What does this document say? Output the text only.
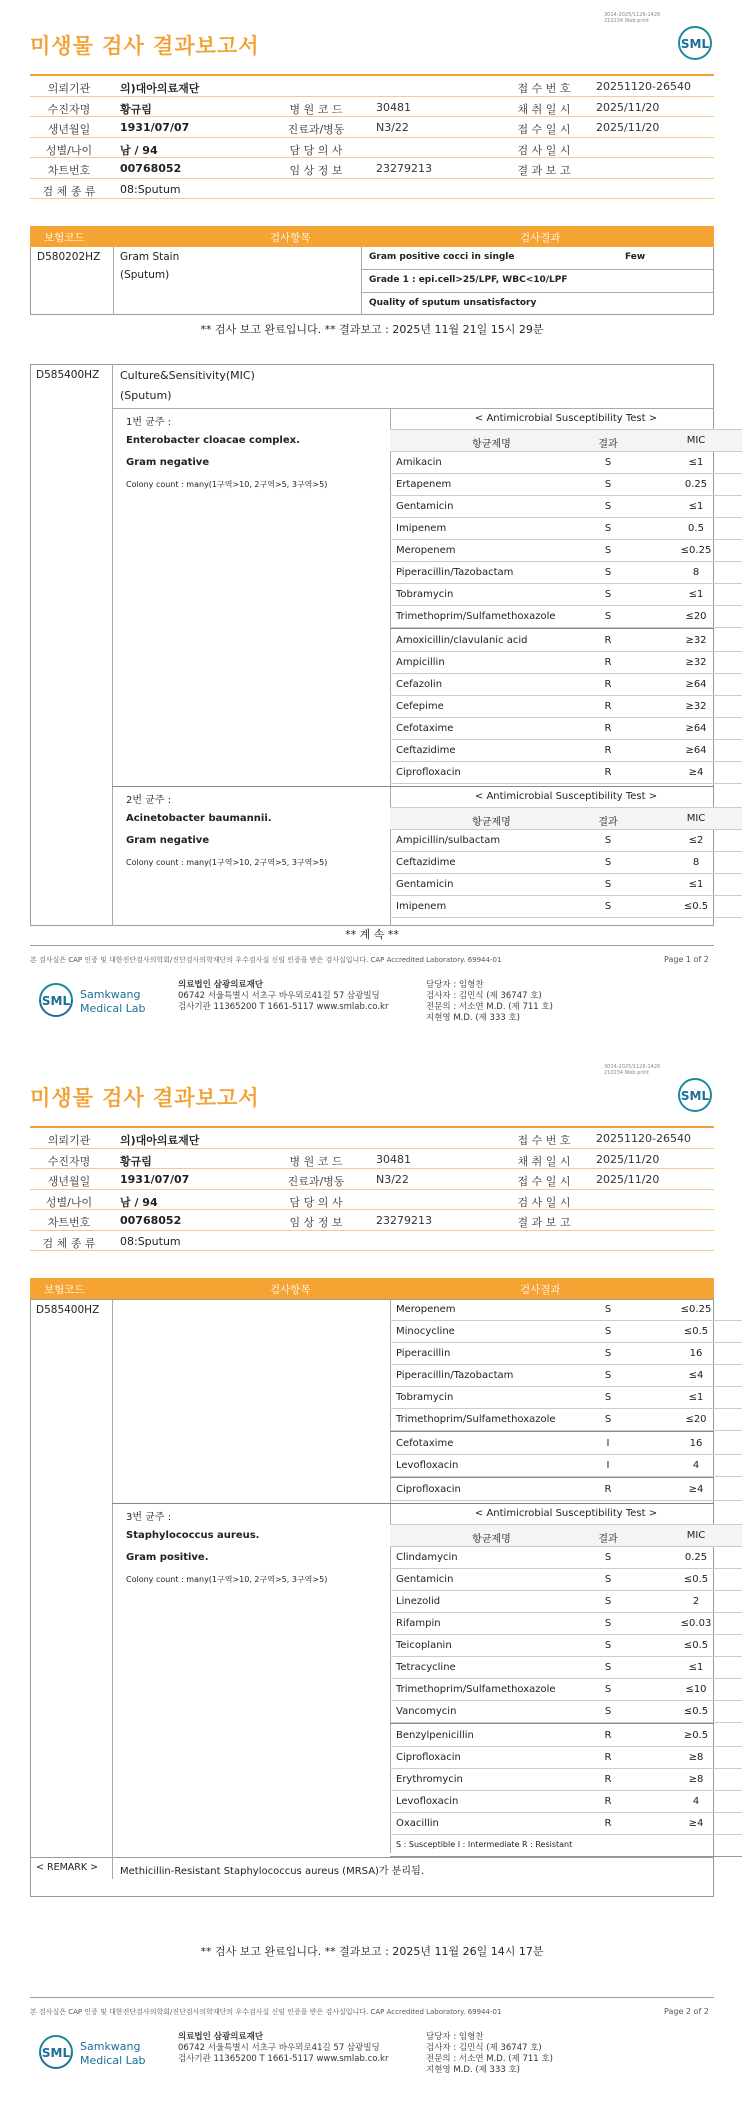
3014-2025/1126-1426
210234 Web print
미생물 검사 결과보고서	SML
의뢰기관	의)대아의료재단	접 수 번 호	20251120-26540
수진자명	황규림	병 원 코 드	30481	채 취 일 시	2025/11/20
생년월일	1931/07/07	진료과/병동	N3/22	접 수 일 시	2025/11/20
성별/나이	남 / 94	담 당 의 사	검 사 일 시
차트번호	00768052	임 상 정 보	23279213	결 과 보 고
검 체 종 류	08:Sputum
보험코드	검사항목	검사결과
D580202HZ Gram Stain
(Sputum)
Gram positive cocci in single	Few
Grade 1 : epi.cell>25/LPF, WBC<10/LPF
Quality of sputum unsatisfactory
** 검사 보고 완료입니다. ** 결과보고 : 2025년 11월 21일 15시 29분
D585400HZ Culture&Sensitivity(MIC)
(Sputum)
1번 균주 :
Enterobacter cloacae complex.
Gram negative
Colony count : many(1구역>10, 2구역>5, 3구역>5)
< Antimicrobial Susceptibility Test >
항균제명	결과	MIC
Amikacin	S	≤1
Ertapenem	S	0.25
Gentamicin	S	≤1
Imipenem	S	0.5
Meropenem	S	≤0.25
Piperacillin/Tazobactam	S	8
Tobramycin	S	≤1
Trimethoprim/Sulfamethoxazole	S	≤20
Amoxicillin/clavulanic acid	R	≥32
Ampicillin	R	≥32
Cefazolin	R	≥64
Cefepime	R	≥32
Cefotaxime	R	≥64
Ceftazidime	R	≥64
Ciprofloxacin	R	≥4
2번 균주 :
Acinetobacter baumannii.
Gram negative
Colony count : many(1구역>10, 2구역>5, 3구역>5)
< Antimicrobial Susceptibility Test >
항균제명	결과	MIC
Ampicillin/sulbactam	S	≤2
Ceftazidime	S	8
Gentamicin	S	≤1
Imipenem	S	≤0.5
** 계 속 **
본 검사실은 CAP 인증 및 대한진단검사의학회/진단검사의학재단의 우수검사실 신임 인증을 받은 검사실입니다. CAP Accredited Laboratory. 69944-01	Page 1 of 2
SML Samkwang
Medical Lab
의료법인 삼광의료재단
06742 서울특별시 서초구 바우뫼로41길 57 삼광빌딩
검사기관 11365200 T 1661-5117 www.smlab.co.kr
담당자 : 임형찬
검사자 : 김민식 (제 36747 호)
전문의 : 서소연 M.D. (제 711 호)
지현영 M.D. (제 333 호)
3014-2025/1126-1426
210234 Web print
미생물 검사 결과보고서	SML
의뢰기관	의)대아의료재단	접 수 번 호	20251120-26540
수진자명	황규림	병 원 코 드	30481	채 취 일 시	2025/11/20
생년월일	1931/07/07	진료과/병동	N3/22	접 수 일 시	2025/11/20
성별/나이	남 / 94	담 당 의 사	검 사 일 시
차트번호	00768052	임 상 정 보	23279213	결 과 보 고
검 체 종 류	08:Sputum
보험코드	검사항목	검사결과
D585400HZ	Meropenem	S	≤0.25
Minocycline	S	≤0.5
Piperacillin	S	16
Piperacillin/Tazobactam	S	≤4
Tobramycin	S	≤1
Trimethoprim/Sulfamethoxazole	S	≤20
Cefotaxime	I	16
Levofloxacin	I	4
Ciprofloxacin	R	≥4
3번 균주 :
Staphylococcus aureus.
Gram positive.
Colony count : many(1구역>10, 2구역>5, 3구역>5)
< Antimicrobial Susceptibility Test >
항균제명	결과	MIC
Clindamycin	S	0.25
Gentamicin	S	≤0.5
Linezolid	S	2
Rifampin	S	≤0.03
Teicoplanin	S	≤0.5
Tetracycline	S	≤1
Trimethoprim/Sulfamethoxazole	S	≤10
Vancomycin	S	≤0.5
Benzylpenicillin	R	≥0.5
Ciprofloxacin	R	≥8
Erythromycin	R	≥8
Levofloxacin	R	4
Oxacillin	R	≥4
S : Susceptible I : Intermediate R : Resistant
< REMARK > Methicillin-Resistant Staphylococcus aureus (MRSA)가 분리됨.
** 검사 보고 완료입니다. ** 결과보고 : 2025년 11월 26일 14시 17분
본 검사실은 CAP 인증 및 대한진단검사의학회/진단검사의학재단의 우수검사실 신임 인증을 받은 검사실입니다. CAP Accredited Laboratory. 69944-01	Page 2 of 2
SML Samkwang
Medical Lab
의료법인 삼광의료재단
06742 서울특별시 서초구 바우뫼로41길 57 삼광빌딩
검사기관 11365200 T 1661-5117 www.smlab.co.kr
담당자 : 임형찬
검사자 : 김민식 (제 36747 호)
전문의 : 서소연 M.D. (제 711 호)
지현영 M.D. (제 333 호)
